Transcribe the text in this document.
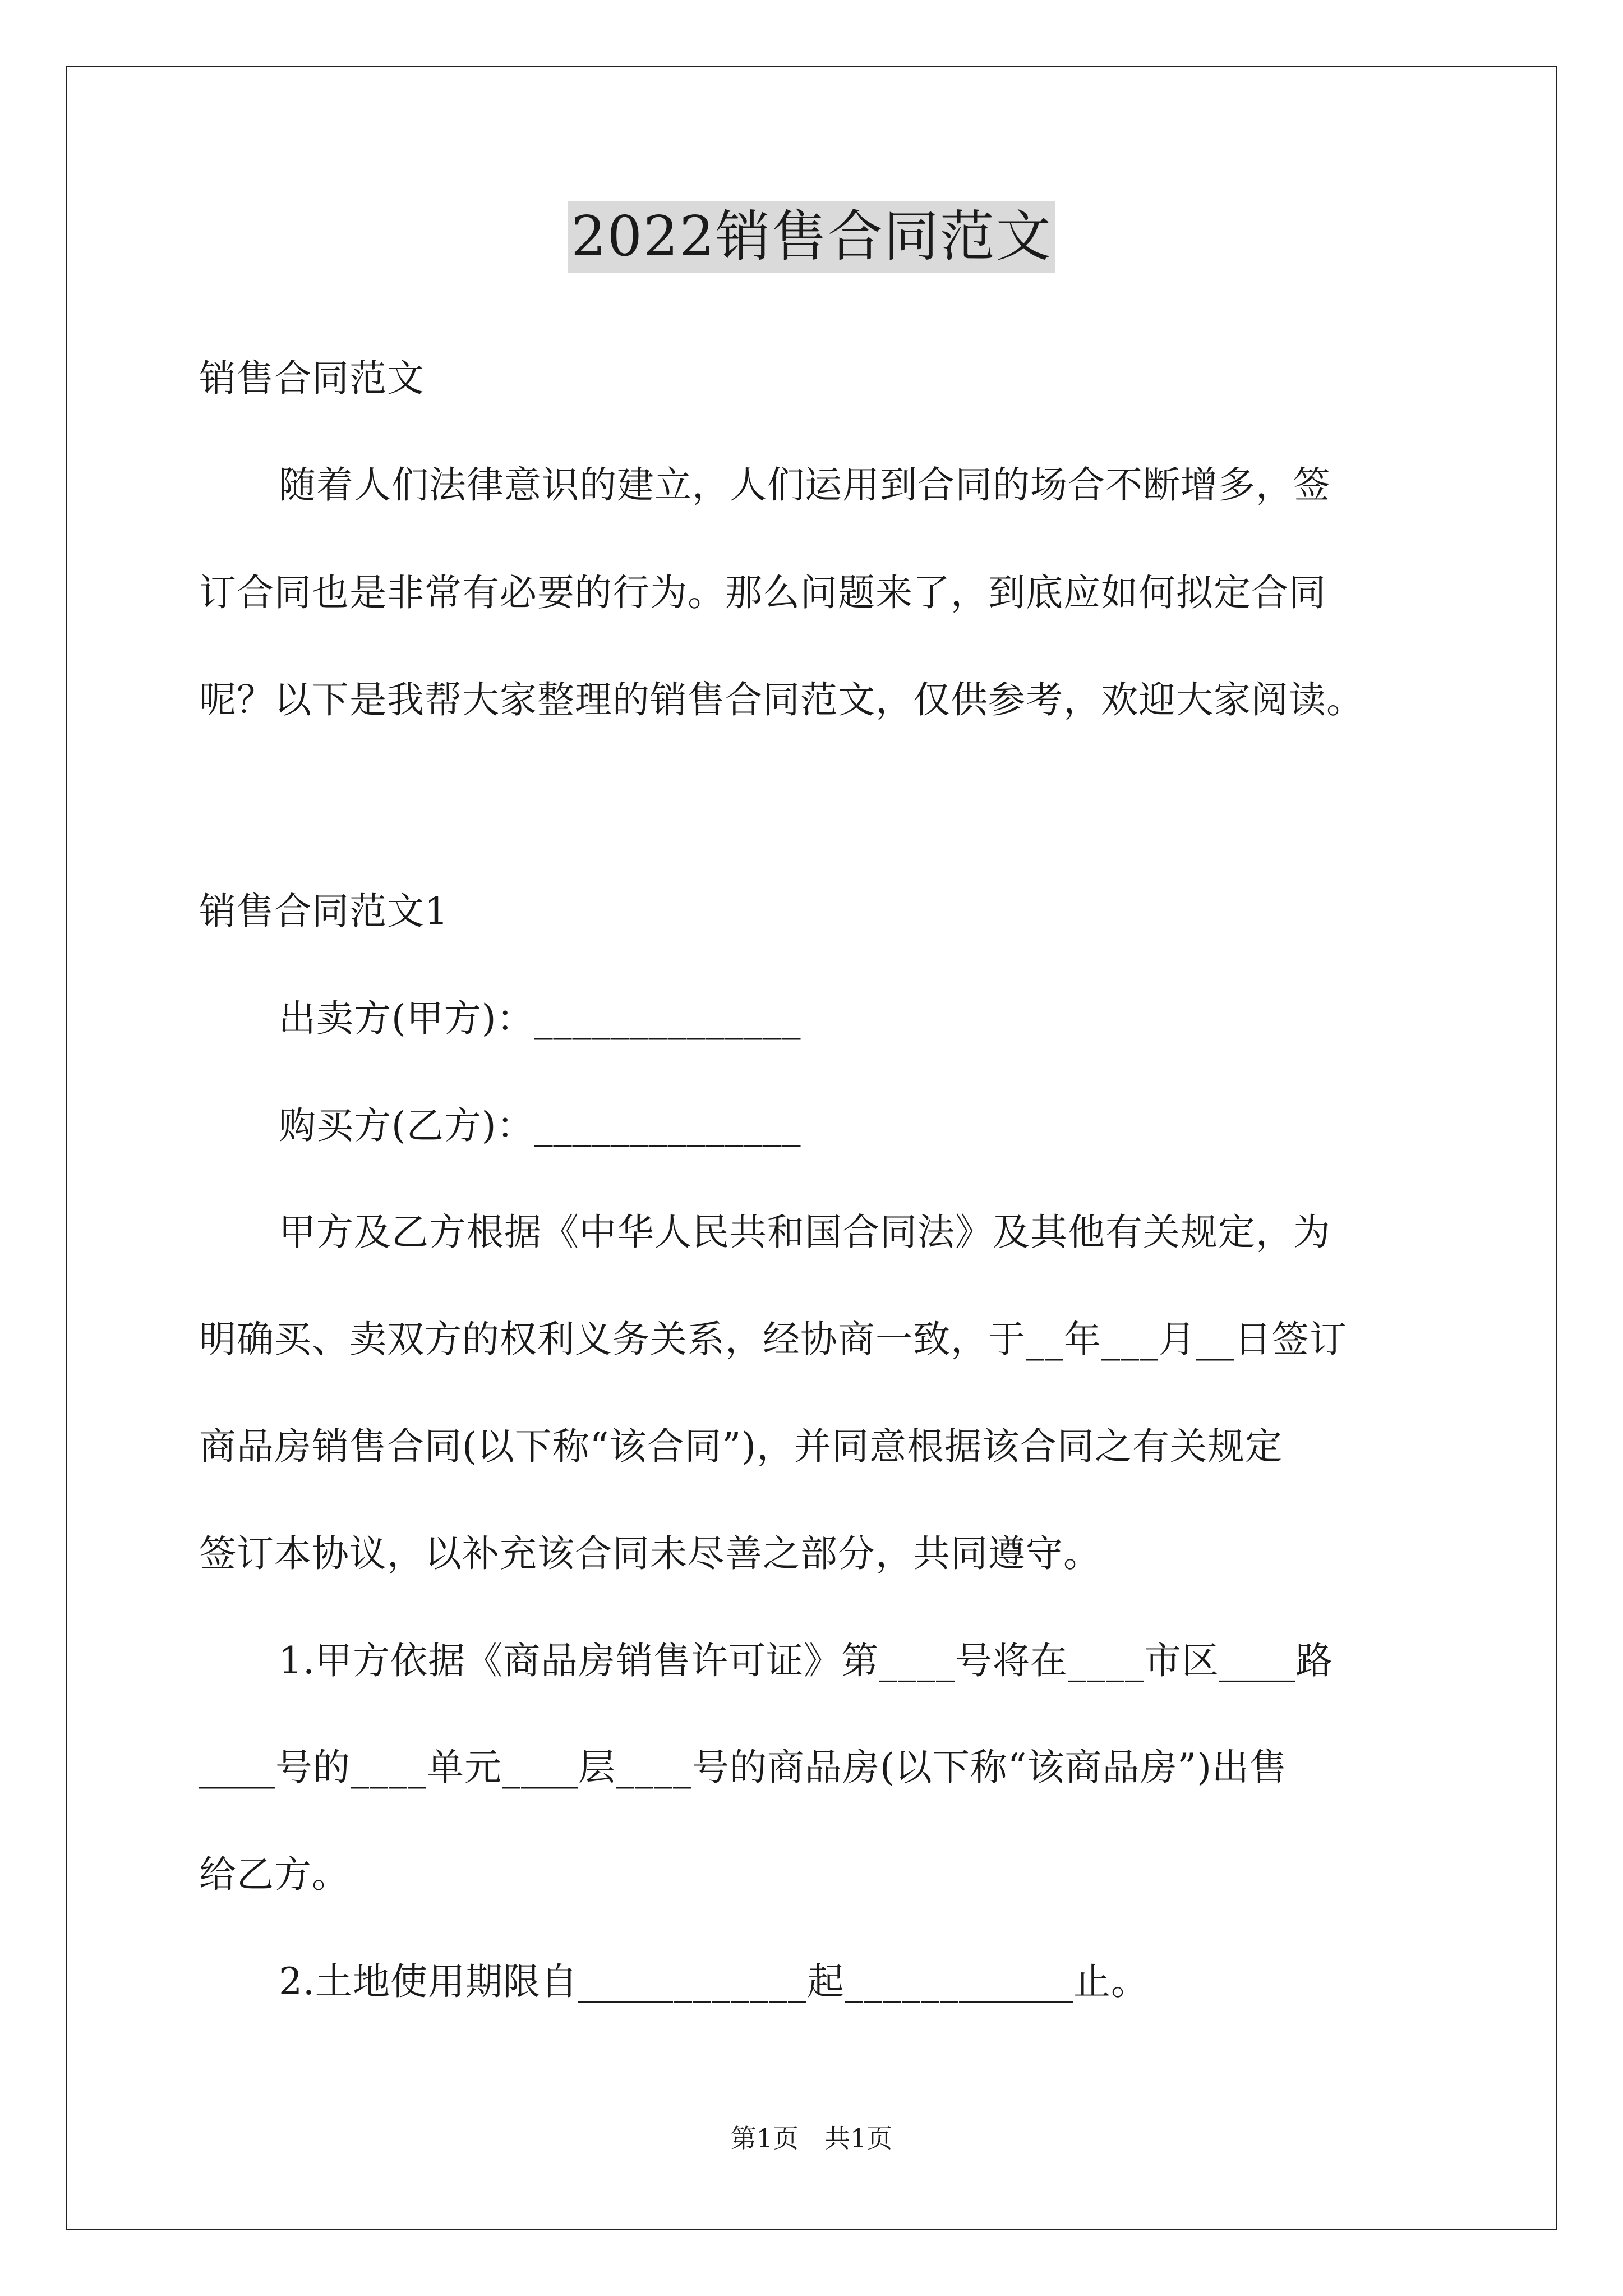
2022销售合同范文
销售合同范文
随着人们法律意识的建立，人们运用到合同的场合不断增多，签
订合同也是非常有必要的行为。那么问题来了，到底应如何拟定合同
呢？以下是我帮大家整理的销售合同范文，仅供参考，欢迎大家阅读。
销售合同范文1
出卖方(甲方)：______________
购买方(乙方)：______________
甲方及乙方根据《中华人民共和国合同法》及其他有关规定，为
明确买、卖双方的权利义务关系，经协商一致，于__年___月__日签订
商品房销售合同(以下称“该合同”)，并同意根据该合同之有关规定
签订本协议，以补充该合同未尽善之部分，共同遵守。
1.甲方依据《商品房销售许可证》第____号将在____市区____路
____号的____单元____层____号的商品房(以下称“该商品房”)出售
给乙方。
2.土地使用期限自____________起____________止。
第1页 共1页
